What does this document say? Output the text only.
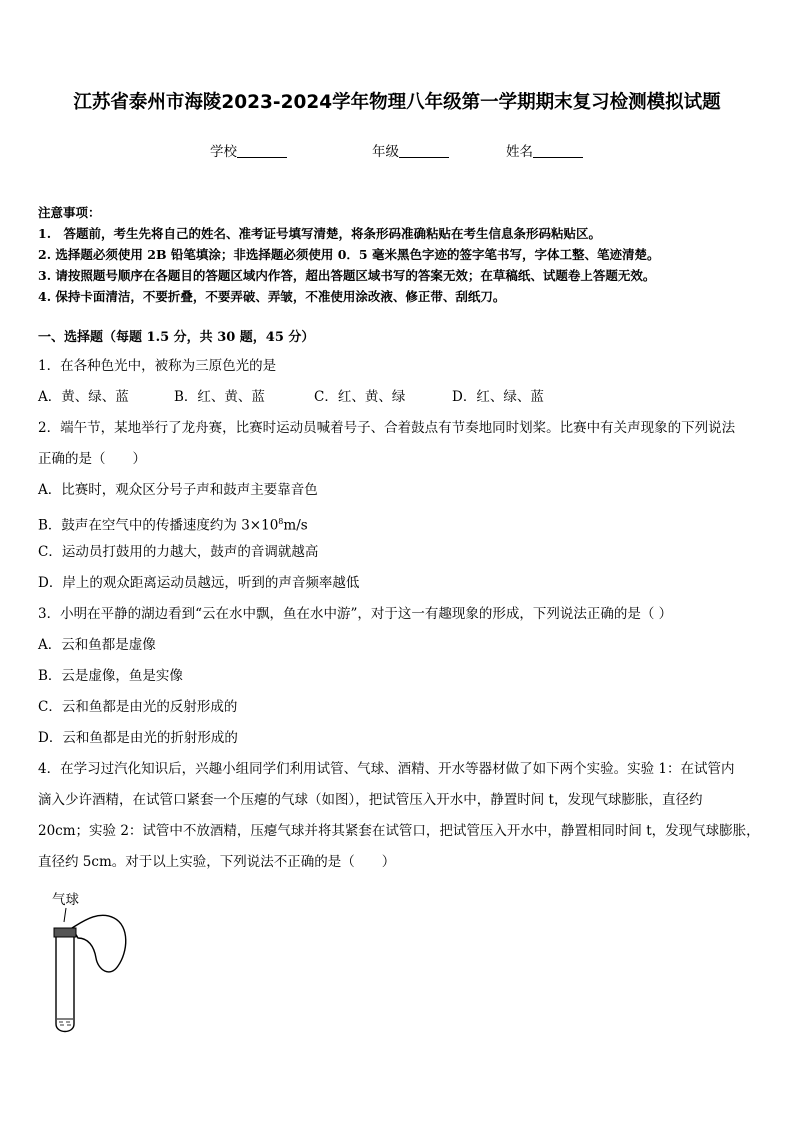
江苏省泰州市海陵2023-2024学年物理八年级第一学期期末复习检测模拟试题
学校	年级	姓名
注意事项：
1.　答题前，考生先将自己的姓名、准考证号填写清楚，将条形码准确粘贴在考生信息条形码粘贴区。
2. 选择题必须使用 2B 铅笔填涂；非选择题必须使用 0．5 毫米黑色字迹的签字笔书写，字体工整、笔迹清楚。
3. 请按照题号顺序在各题目的答题区域内作答，超出答题区域书写的答案无效；在草稿纸、试题卷上答题无效。
4. 保持卡面清洁，不要折叠，不要弄破、弄皱，不准使用涂改液、修正带、刮纸刀。
一、选择题（每题 1.5 分，共 30 题，45 分）
1．在各种色光中，被称为三原色光的是
A．黄、绿、蓝	B．红、黄、蓝	C．红、黄、绿	D．红、绿、蓝
2．端午节，某地举行了龙舟赛，比赛时运动员喊着号子、合着鼓点有节奏地同时划桨。比赛中有关声现象的下列说法
正确的是（　　）
A．比赛时，观众区分号子声和鼓声主要靠音色
B．鼓声在空气中的传播速度约为 $3\times 10^8m/s$
C．运动员打鼓用的力越大，鼓声的音调就越高
D．岸上的观众距离运动员越远，听到的声音频率越低
3．小明在平静的湖边看到“云在水中飘，鱼在水中游”，对于这一有趣现象的形成，下列说法正确的是（ ）
A．云和鱼都是虚像
B．云是虚像，鱼是实像
C．云和鱼都是由光的反射形成的
D．云和鱼都是由光的折射形成的
4．在学习过汽化知识后，兴趣小组同学们利用试管、气球、酒精、开水等器材做了如下两个实验。实验 1：在试管内
滴入少许酒精，在试管口紧套一个压瘪的气球（如图），把试管压入开水中，静置时间 t，发现气球膨胀，直径约
20cm；实验 2：试管中不放酒精，压瘪气球并将其紧套在试管口，把试管压入开水中，静置相同时间 t，发现气球膨胀，
直径约 5cm。对于以上实验，下列说法不正确的是（　　）
气球
